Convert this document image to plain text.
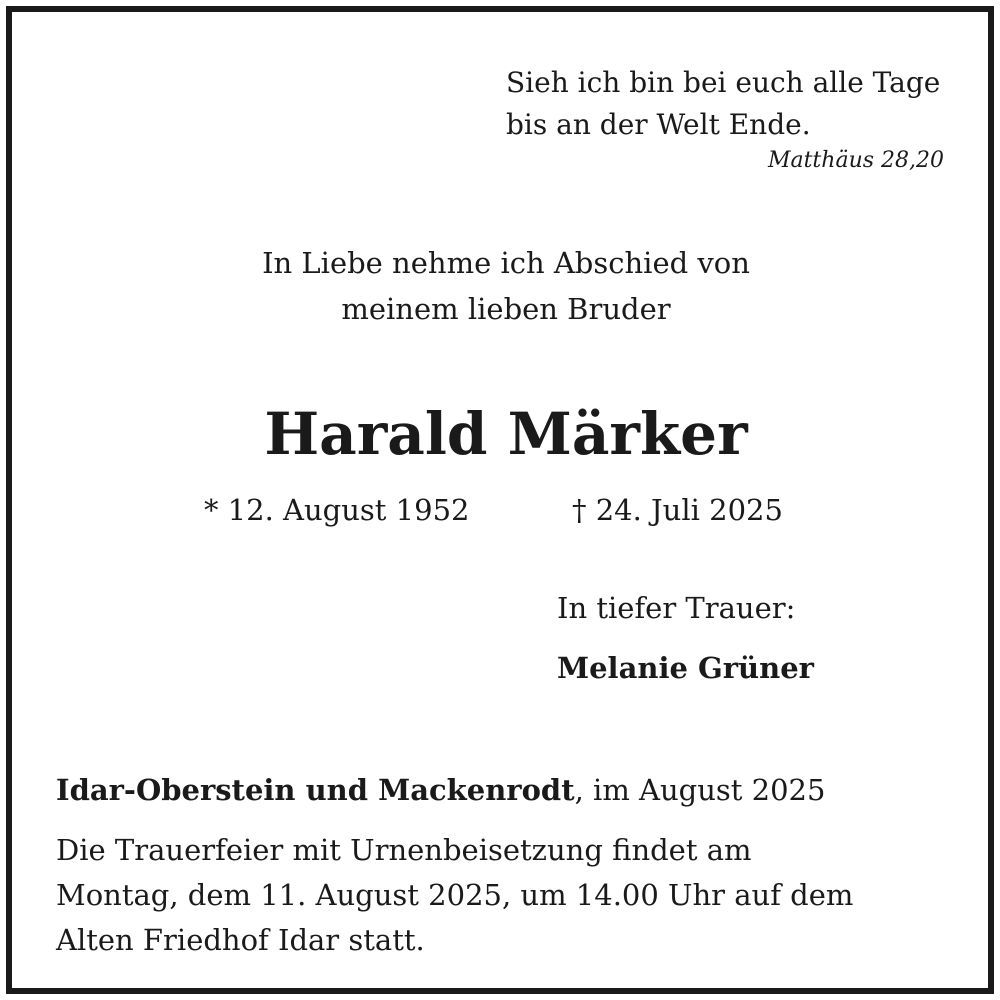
Sieh ich bin bei euch alle Tage
bis an der Welt Ende.
Matthäus 28,20
In Liebe nehme ich Abschied von
meinem lieben Bruder
Harald Märker
* 12. August 1952	† 24. Juli 2025
In tiefer Trauer:
Melanie Grüner
Idar-Oberstein und Mackenrodt, im August 2025
Die Trauerfeier mit Urnenbeisetzung findet am
Montag, dem 11. August 2025, um 14.00 Uhr auf dem
Alten Friedhof Idar statt.
